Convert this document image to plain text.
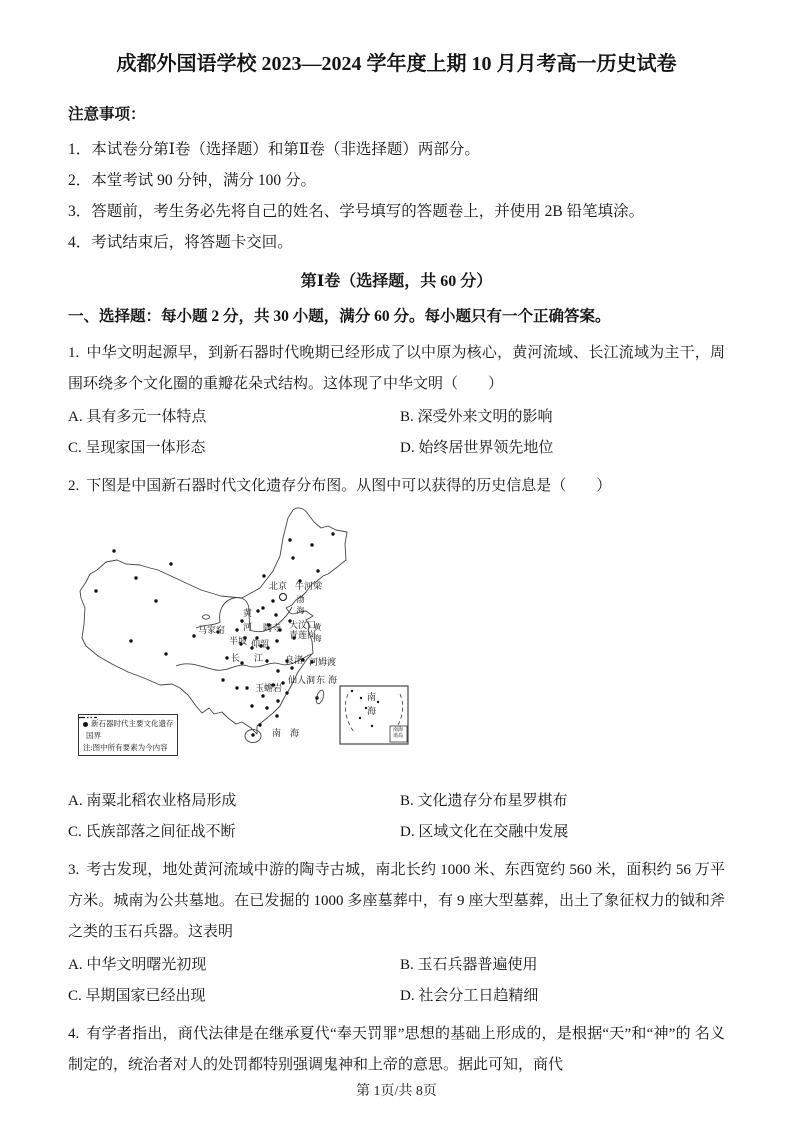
成都外国语学校 2023—2024 学年度上期 10 月月考高一历史试卷

注意事项：

1．本试卷分第Ⅰ卷（选择题）和第Ⅱ卷（非选择题）两部分。

2．本堂考试 90 分钟，满分 100 分。

3．答题前，考生务必先将自己的姓名、学号填写的答题卷上，并使用 2B 铅笔填涂。

4．考试结束后，将答题卡交回。

第Ⅰ卷（选择题，共 60 分）

一、选择题：每小题 2 分，共 30 小题，满分 60 分。每小题只有一个正确答案。

1. 中华文明起源早，到新石器时代晚期已经形成了以中原为核心，黄河流域、长江流域为主干，周围环绕多个文化圈的重瓣花朵式结构。这体现了中华文明（　　）

A. 具有多元一体特点	B. 深受外来文明的影响
C. 呈现家国一体形态	D. 始终居世界领先地位

2. 下图是中国新石器时代文化遗存分布图。从图中可以获得的历史信息是（　　）

北京 牛河梁
渤海
黄河
马家窑	陶寺 大汶口
青莲岗
黄海
半坡 仰韶
长江 良渚 河姆渡
仙人洞 东海
玉蟾岩
南海
南海
南海诸岛
新石器时代主要文化遗存
国界
注:图中所有要素为今内容
A. 南粟北稻农业格局形成	B. 文化遗存分布星罗棋布
C. 氏族部落之间征战不断	D. 区域文化在交融中发展

3. 考古发现，地处黄河流域中游的陶寺古城，南北长约 1000 米、东西宽约 560 米，面积约 56 万平方米。城南为公共墓地。在已发掘的 1000 多座墓葬中，有 9 座大型墓葬，出土了象征权力的钺和斧之类的玉石兵器。这表明

A. 中华文明曙光初现	B. 玉石兵器普遍使用
C. 早期国家已经出现	D. 社会分工日趋精细

4. 有学者指出，商代法律是在继承夏代“奉天罚罪”思想的基础上形成的，是根据“天”和“神”的 名义制定的，统治者对人的处罚都特别强调鬼神和上帝的意思。据此可知，商代

第 1页/共 8页
